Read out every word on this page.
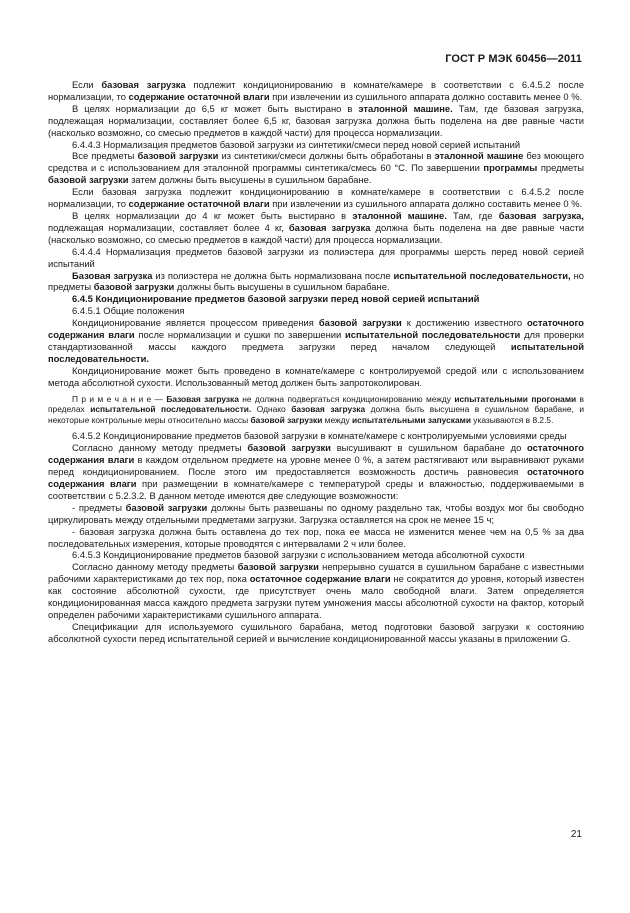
ГОСТ Р МЭК 60456—2011

Если базовая загрузка подлежит кондиционированию в комнате/камере в соответствии с 6.4.5.2 после нормализации, то содержание остаточной влаги при извлечении из сушильного аппарата должно составить менее 0 %.

В целях нормализации до 6,5 кг может быть выстирано в эталонной машине. Там, где базовая загрузка, подлежащая нормализации, составляет более 6,5 кг, базовая загрузка должна быть поделена на две равные части (насколько возможно, со смесью предметов в каждой части) для процесса нормализации.

6.4.4.3 Нормализация предметов базовой загрузки из синтетики/смеси перед новой серией испытаний

Все предметы базовой загрузки из синтетики/смеси должны быть обработаны в эталонной машине без моющего средства и с использованием для эталонной программы синтетика/смесь 60 °С. По завершении программы предметы базовой загрузки затем должны быть высушены в сушильном барабане.

Если базовая загрузка подлежит кондиционированию в комнате/камере в соответствии с 6.4.5.2 после нормализации, то содержание остаточной влаги при извлечении из сушильного аппарата должно составить менее 0 %.

В целях нормализации до 4 кг может быть выстирано в эталонной машине. Там, где базовая загрузка, подлежащая нормализации, составляет более 4 кг, базовая загрузка должна быть поделена на две равные части (насколько возможно, со смесью предметов в каждой части) для процесса нормализации.

6.4.4.4 Нормализация предметов базовой загрузки из полиэстера для программы шерсть перед новой серией испытаний

Базовая загрузка из полиэстера не должна быть нормализована после испытательной последовательности, но предметы базовой загрузки должны быть высушены в сушильном барабане.

6.4.5 Кондиционирование предметов базовой загрузки перед новой серией испытаний

6.4.5.1 Общие положения

Кондиционирование является процессом приведения базовой загрузки к достижению известного остаточного содержания влаги после нормализации и сушки по завершении испытательной последовательности для проверки стандартизованной массы каждого предмета загрузки перед началом следующей испытательной последовательности.

Кондиционирование может быть проведено в комнате/камере с контролируемой средой или с использованием метода абсолютной сухости. Использованный метод должен быть запротоколирован.

П р и м е ч а н и е — Базовая загрузка не должна подвергаться кондиционированию между испытательными прогонами в пределах испытательной последовательности. Однако базовая загрузка должна быть высушена в сушильном барабане, и некоторые контрольные меры относительно массы базовой загрузки между испытательными запусками указываются в 8.2.5.

6.4.5.2 Кондиционирование предметов базовой загрузки в комнате/камере с контролируемыми условиями среды

Согласно данному методу предметы базовой загрузки высушивают в сушильном барабане до остаточного содержания влаги в каждом отдельном предмете на уровне менее 0 %, а затем растягивают или выравнивают руками перед кондиционированием. После этого им предоставляется возможность достичь равновесия остаточного содержания влаги при размещении в комнате/камере с температурой среды и влажностью, поддерживаемыми в соответствии с 5.2.3.2. В данном методе имеются две следующие возможности:

- предметы базовой загрузки должны быть развешаны по одному раздельно так, чтобы воздух мог бы свободно циркулировать между отдельными предметами загрузки. Загрузка оставляется на срок не менее 15 ч;

- базовая загрузка должна быть оставлена до тех пор, пока ее масса не изменится менее чем на 0,5 % за два последовательных измерения, которые проводятся с интервалами 2 ч или более.

6.4.5.3 Кондиционирование предметов базовой загрузки с использованием метода абсолютной сухости

Согласно данному методу предметы базовой загрузки непрерывно сушатся в сушильном барабане с известными рабочими характеристиками до тех пор, пока остаточное содержание влаги не сократится до уровня, который известен как состояние абсолютной сухости, где присутствует очень мало свободной влаги. Затем определяется кондиционированная масса каждого предмета загрузки путем умножения массы абсолютной сухости на фактор, который определен рабочими характеристиками сушильного аппарата.

Спецификации для используемого сушильного барабана, метод подготовки базовой загрузки к состоянию абсолютной сухости перед испытательной серией и вычисление кондиционированной массы указаны в приложении G.

21
